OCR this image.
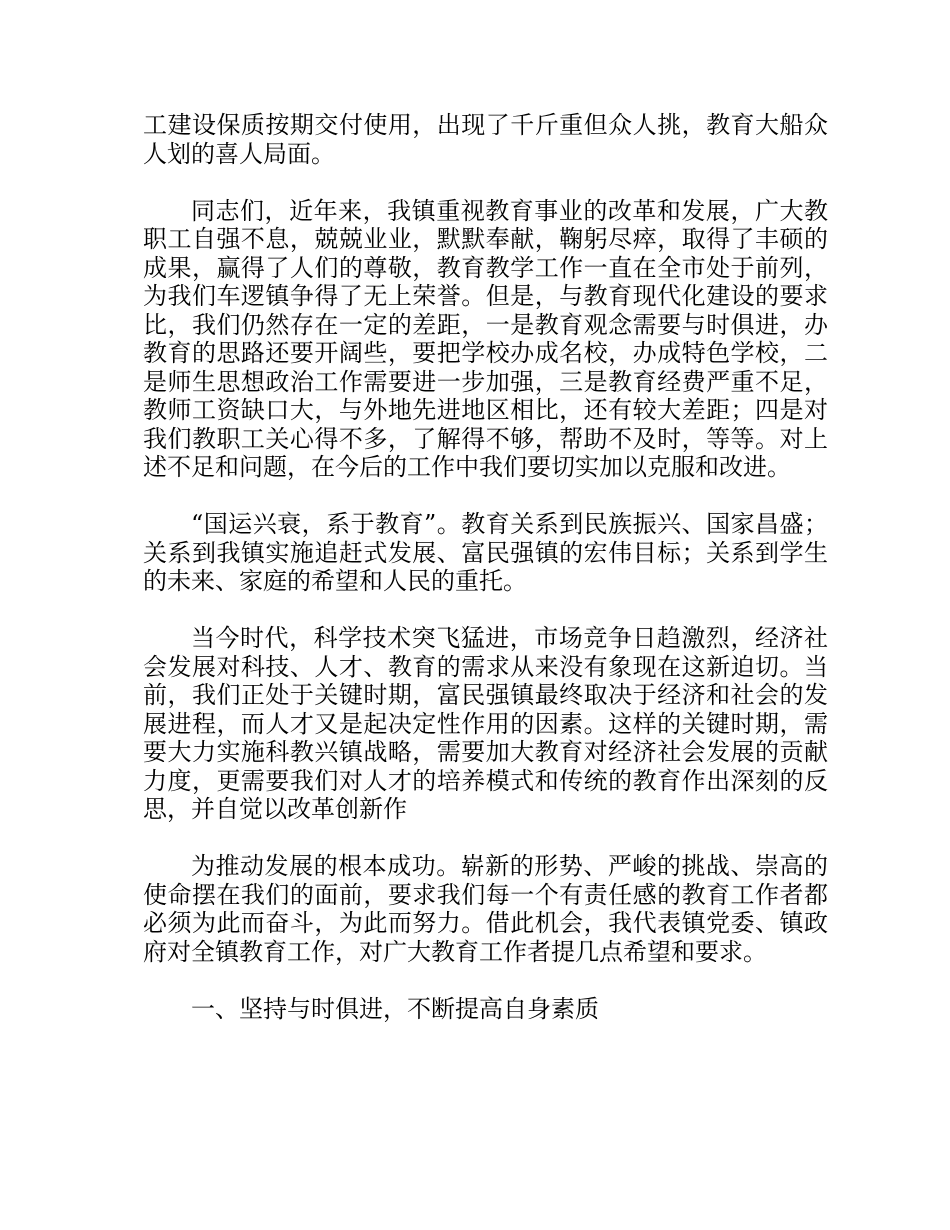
工建设保质按期交付使用，出现了千斤重但众人挑，教育大船众人划的喜人局面。

同志们，近年来，我镇重视教育事业的改革和发展，广大教职工自强不息，兢兢业业，默默奉献，鞠躬尽瘁，取得了丰硕的成果，赢得了人们的尊敬，教育教学工作一直在全市处于前列，为我们车逻镇争得了无上荣誉。但是，与教育现代化建设的要求比，我们仍然存在一定的差距，一是教育观念需要与时俱进，办教育的思路还要开阔些，要把学校办成名校，办成特色学校，二是师生思想政治工作需要进一步加强，三是教育经费严重不足，教师工资缺口大，与外地先进地区相比，还有较大差距；四是对我们教职工关心得不多，了解得不够，帮助不及时，等等。对上述不足和问题，在今后的工作中我们要切实加以克服和改进。

“国运兴衰，系于教育”。教育关系到民族振兴、国家昌盛；关系到我镇实施追赶式发展、富民强镇的宏伟目标；关系到学生的未来、家庭的希望和人民的重托。

当今时代，科学技术突飞猛进，市场竞争日趋激烈，经济社会发展对科技、人才、教育的需求从来没有象现在这新迫切。当前，我们正处于关键时期，富民强镇最终取决于经济和社会的发展进程，而人才又是起决定性作用的因素。这样的关键时期，需要大力实施科教兴镇战略，需要加大教育对经济社会发展的贡献力度，更需要我们对人才的培养模式和传统的教育作出深刻的反思，并自觉以改革创新作

为推动发展的根本成功。崭新的形势、严峻的挑战、崇高的使命摆在我们的面前，要求我们每一个有责任感的教育工作者都必须为此而奋斗，为此而努力。借此机会，我代表镇党委、镇政府对全镇教育工作，对广大教育工作者提几点希望和要求。

一、坚持与时俱进，不断提高自身素质
